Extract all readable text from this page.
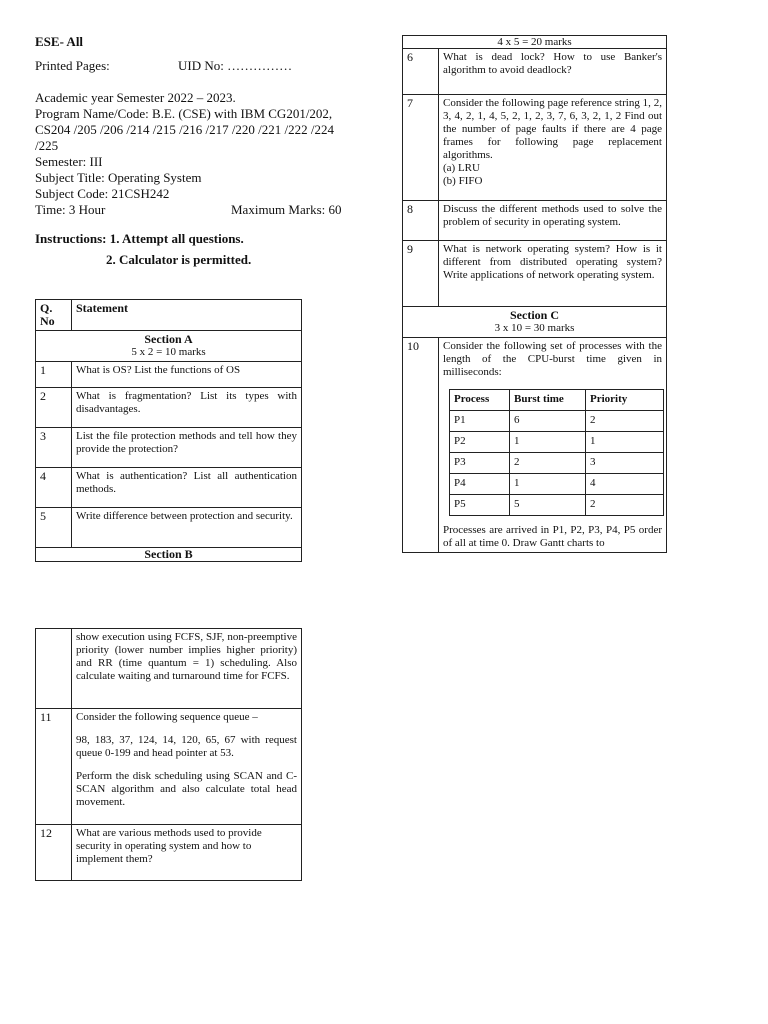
ESE- All
Printed Pages:	UID No: ……………
Academic year Semester 2022 – 2023.
Program Name/Code: B.E. (CSE) with IBM CG201/202,
CS204 /205 /206 /214 /215 /216 /217 /220 /221 /222 /224
/225
Semester: III
Subject Title: Operating System
Subject Code: 21CSH242
Time: 3 Hour	Maximum Marks: 60
Instructions: 1. Attempt all questions.
2. Calculator is permitted.
Q. No	Statement

Section A
5 x 2 = 10 marks	

1	What is OS? List the functions of OS
2	What is fragmentation? List its types with disadvantages.
3	List the file protection methods and tell how they provide the protection?
4	What is authentication? List all authentication methods.
5	Write difference between protection and security.

Section B	
4 x 5 = 20 marks
6	What is dead lock? How to use Banker's algorithm to avoid deadlock?
7	Consider the following page reference string 1, 2, 3, 4, 2, 1, 4, 5, 2, 1, 2, 3, 7, 6, 3, 2, 1, 2 Find out the number of page faults if there are 4 page frames for following page replacement algorithms.
(a) LRU
(b) FIFO

8	Discuss the different methods used to solve the problem of security in operating system.
9	What is network operating system? How is it different from distributed operating system? Write applications of network operating system.

Section C
3 x 10 = 30 marks

10	Consider the following set of processes with the length of the CPU-burst time given in milliseconds:
Process	Burst time	Priority
P1	6	2
P2	1	1
P3	2	3
P4	1	4
P5	5	2
Processes are arrived in P1, P2, P3, P4, P5 order of all at time 0. Draw Gantt charts to
	show execution using FCFS, SJF, non-preemptive priority (lower number implies higher priority) and RR (time quantum = 1) scheduling. Also calculate waiting and turnaround time for FCFS.
11	Consider the following sequence queue –

98, 183, 37, 124, 14, 120, 65, 67 with request queue 0-199 and head pointer at 53.

Perform the disk scheduling using SCAN and C-SCAN algorithm and also calculate total head movement.

12	What are various methods used to provide security in operating system and how to implement them?
